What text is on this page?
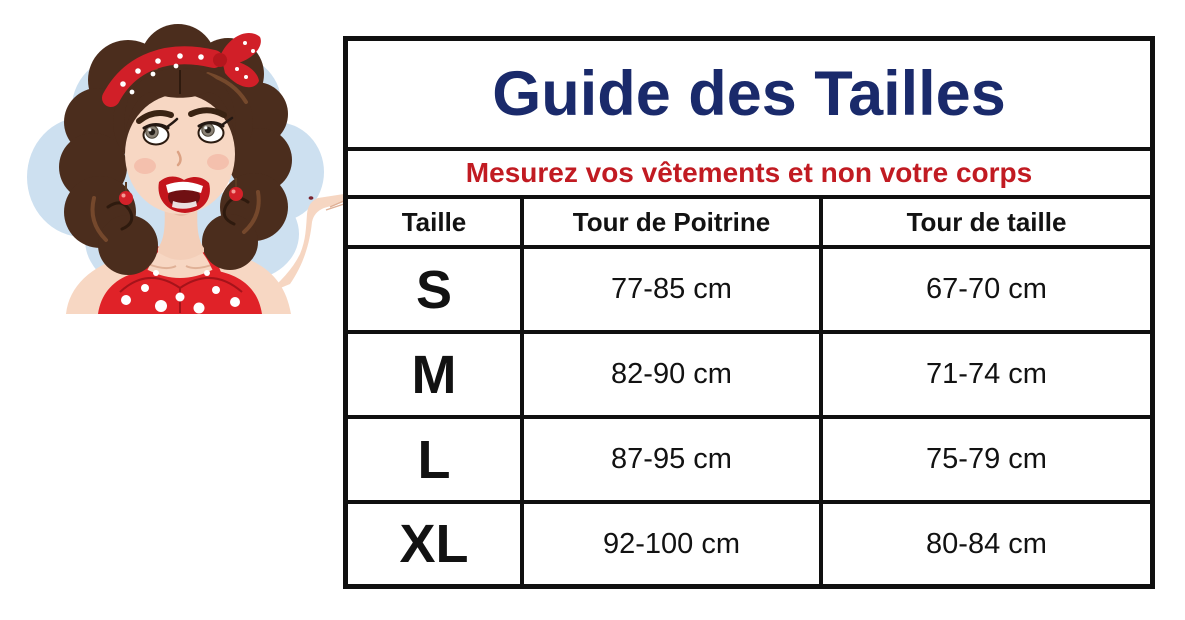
Guide des Tailles
Mesurez vos vêtements et non votre corps
Taille	Tour de Poitrine	Tour de taille
S	77-85 cm	67-70 cm
M	82-90 cm	71-74 cm
L	87-95 cm	75-79 cm
XL	92-100 cm	80-84 cm
